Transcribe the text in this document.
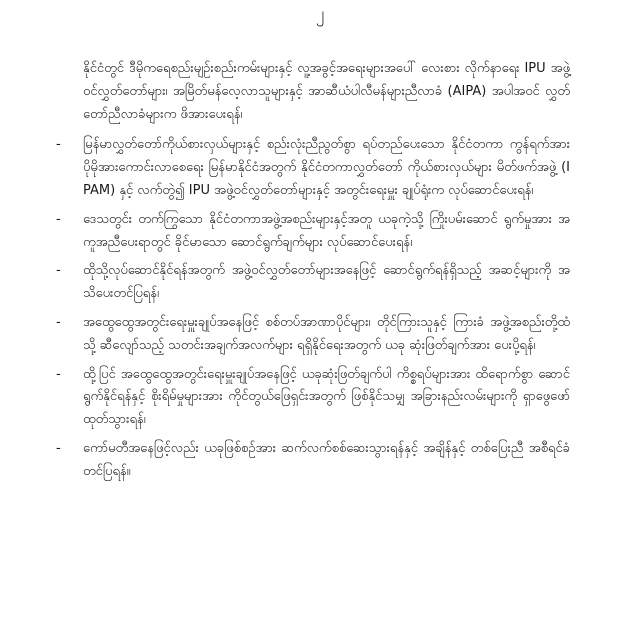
၂

နိုင်ငံတွင် ဒီမိုကရေစည်းမျဉ်းစည်းကမ်းများနှင့် လူ့အခွင့်အရေးများအပေါ် လေးစား လိုက်နာရေး IPU အဖွဲ့ဝင်လွှတ်တော်များ၊ အမြိတ်မန်လေ့လာသူများနှင့် အာဆီယံပါလီမန်များညီလာခံ (AIPA) အပါအဝင် လွှတ်တော်ညီလာခံများက ဖိအားပေးရန်၊

-	မြန်မာလွှတ်တော်ကိုယ်စားလှယ်များနှင့် စည်းလုံးညီညွတ်စွာ ရပ်တည်ပေးသော နိုင်ငံတကာ ကွန်ရက်အား ပိုမိုအားကောင်းလာစေရေး မြန်မာနိုင်ငံအတွက် နိုင်ငံတကာလွှတ်တော် ကိုယ်စားလှယ်များ မိတ်ဖက်အဖွဲ့ (IPAM) နှင့် လက်တွဲ၍ IPU အဖွဲ့ဝင်လွှတ်တော်များနှင့် အတွင်းရေးမှူး ချုပ်ရုံးက လုပ်ဆောင်ပေးရန်၊

-	ဒေသတွင်း တက်ကြွသော နိုင်ငံတကာအဖွဲ့အစည်းများနှင့်အတူ ယခုကဲ့သို့ ကြိုးပမ်းဆောင် ရွက်မှုအား အကူအညီပေးရာတွင် ခိုင်မာသော ဆောင်ရွက်ချက်များ လုပ်ဆောင်ပေးရန်၊

-	ထိုသို့လုပ်ဆောင်နိုင်ရန်အတွက် အဖွဲ့ဝင်လွှတ်တော်များအနေဖြင့် ဆောင်ရွက်ရန်ရှိသည့် အဆင့်များကို အသိပေးတင်ပြရန်၊

-	အထွေထွေအတွင်းရေးမှူးချုပ်အနေဖြင့် စစ်တပ်အာဏာပိုင်များ၊ တိုင်ကြားသူနှင့် ကြားခံ အဖွဲ့အစည်းတို့ထံသို့ ဆီလျော်သည့် သတင်းအချက်အလက်များ ရရှိနိုင်ရေးအတွက် ယခု ဆုံးဖြတ်ချက်အား ပေးပို့ရန်၊

-	ထို့ပြင် အထွေထွေအတွင်းရေးမှူးချုပ်အနေဖြင့် ယခုဆုံးဖြတ်ချက်ပါ ကိစ္စရပ်များအား ထိရောက်စွာ ဆောင်ရွက်နိုင်ရန်နှင့် စိုးရိမ်မှုများအား ကိုင်တွယ်ဖြေရှင်းအတွက် ဖြစ်နိုင်သမျှ အခြားနည်းလမ်းများကို ရှာဖွေဖော်ထုတ်သွားရန်၊

-	ကော်မတီအနေဖြင့်လည်း ယခုဖြစ်စဉ်အား ဆက်လက်စစ်ဆေးသွားရန်နှင့် အချိန်နှင့် တစ်ပြေးညီ အစီရင်ခံတင်ပြရန်။
